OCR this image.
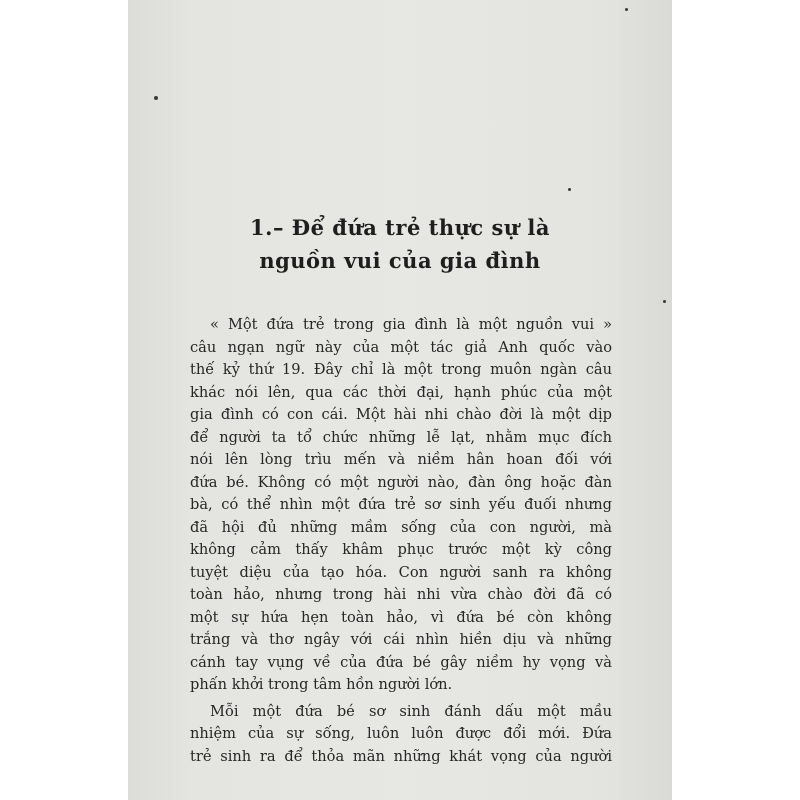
1.– Để đứa trẻ thực sự là
nguồn vui của gia đình
« Một đứa trẻ trong gia đình là một nguồn vui »
câu ngạn ngữ này của một tác giả Anh quốc vào
thế kỷ thứ 19. Đây chỉ là một trong muôn ngàn câu
khác nói lên, qua các thời đại, hạnh phúc của một
gia đình có con cái. Một hài nhi chào đời là một dịp
để người ta tổ chức những lễ lạt, nhằm mục đích
nói lên lòng trìu mến và niềm hân hoan đối với
đứa bé. Không có một người nào, đàn ông hoặc đàn
bà, có thể nhìn một đứa trẻ sơ sinh yếu đuối nhưng
đã hội đủ những mầm sống của con người, mà
không cảm thấy khâm phục trước một kỳ công
tuyệt diệu của tạo hóa. Con người sanh ra không
toàn hảo, nhưng trong hài nhi vừa chào đời đã có
một sự hứa hẹn toàn hảo, vì đứa bé còn không
trắng và thơ ngây với cái nhìn hiền dịu và những
cánh tay vụng về của đứa bé gây niềm hy vọng và
phấn khởi trong tâm hồn người lớn.
Mỗi một đứa bé sơ sinh đánh dấu một mầu
nhiệm của sự sống, luôn luôn được đổi mới. Đứa
trẻ sinh ra để thỏa mãn những khát vọng của người
